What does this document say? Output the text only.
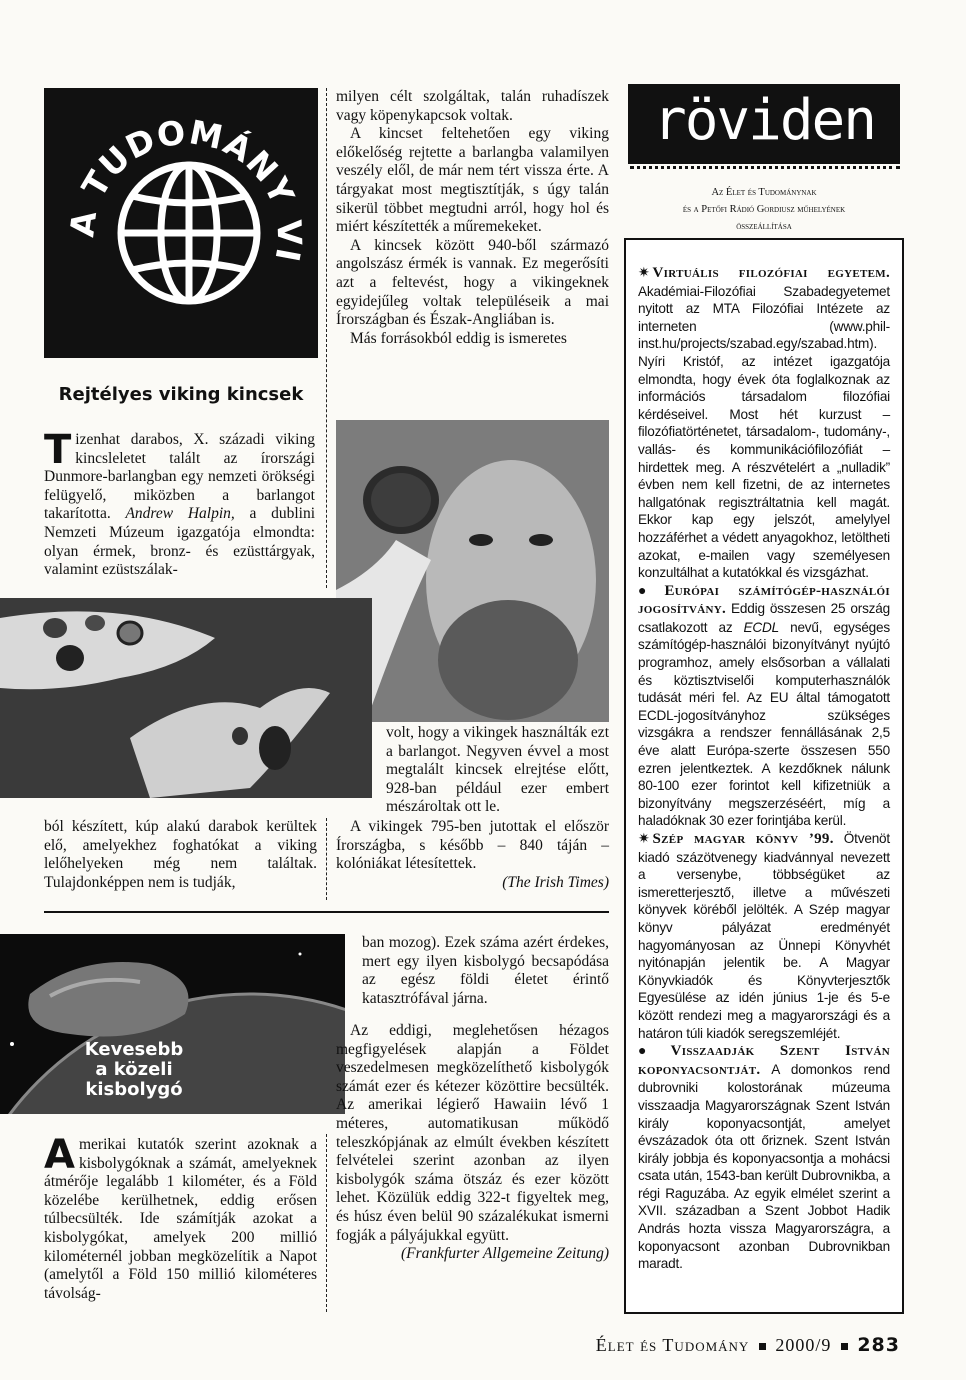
A TUDOMÁNY VI
Rejtélyes viking kincsek

Tizenhat darabos, X. századi viking kincsleletet talált az írországi Dunmore-barlangban egy nemzeti örökségi felügyelő, miközben a barlangot takarította. Andrew Halpin, a dublini Nemzeti Múzeum igazgatója elmondta: olyan érmek, bronz- és ezüsttárgyak, valamint ezüstszálak-

milyen célt szolgáltak, talán ruhadíszek vagy köpenykapcsok voltak.

A kincset feltehetően egy viking előkelőség rejtette a barlangba valamilyen veszély elől, de már nem tért vissza érte. A tárgyakat most megtisztítják, s úgy talán sikerül többet megtudni arról, hogy hol és miért készítették a műremekeket.

A kincsek között 940-ből származó angolszász érmék is vannak. Ez megerősíti azt a feltevést, hogy a vikingeknek egyidejűleg voltak településeik a mai Írországban és Észak-Angliában is.

Más forrásokból eddig is ismeretes

volt, hogy a vikingek használták ezt a barlangot. Negyven évvel a most megtalált kincsek elrejtése előtt, 928-ban például ezer embert mészároltak ott le.

A vikingek 795-ben jutottak el először Írországba, s később – 840 táján – kolóniákat létesítettek.

(The Irish Times)

ból készített, kúp alakú darabok kerültek elő, amelyekhez foghatókat a viking lelőhelyeken még nem találtak. Tulajdonképpen nem is tudják,

Kevesebb
a közeli
kisbolygó

Amerikai kutatók szerint azoknak a kisbolygóknak a számát, amelyeknek átmérője legalább 1 kilométer, és a Föld közelébe kerülhetnek, eddig erősen túlbecsülték. Ide számítják azokat a kisbolygókat, amelyek 200 millió kilométernél jobban megközelítik a Napot (amelytől a Föld 150 millió kilométeres távolság-

ban mozog). Ezek száma azért érdekes, mert egy ilyen kisbolygó becsapódása az egész földi életet érintő katasztrófával járna.

Az eddigi, meglehetősen hézagos megfigyelések alapján a Földet veszedelmesen megközelíthető kisbolygók számát ezer és kétezer közöttire becsülték. Az amerikai légierő Hawaiin lévő 1 méteres, automatikusan működő teleszkópjának az elmúlt években készített felvételei szerint azonban az ilyen kisbolygók száma ötszáz és ezer között lehet. Közülük eddig 322-t figyeltek meg, és húsz éven belül 90 százalékukat ismerni fogják a pályájukkal együtt.

(Frankfurter Allgemeine Zeitung)

röviden
Az Élet és Tudománynak
és a Petőfi Rádió Gordiusz műhelyének
összeállítása

✷ Virtuális filozófiai egyetem. Akadémiai-Filozófiai Szabadegyetemet nyitott az MTA Filozófiai Intézete az interneten (www.phil-inst.hu/projects/szabad.egy/szabad.htm). Nyíri Kristóf, az intézet igazgatója elmondta, hogy évek óta foglalkoznak az információs társadalom filozófiai kérdéseivel. Most hét kurzust – filozófiatörténetet, társadalom-, tudomány-, vallás- és kommunikációfilozófiát – hirdettek meg. A részvételért a „nulladik” évben nem kell fizetni, de az internetes hallgatónak regisztráltatnia kell magát. Ekkor kap egy jelszót, amelylyel hozzáférhet a védett anyagokhoz, letöltheti azokat, e-mailen vagy személyesen konzultálhat a kutatókkal és vizsgázhat.

● Európai számítógép-használói jogosítvány. Eddig összesen 25 ország csatlakozott az ECDL nevű, egységes számítógép-használói bizonyítványt nyújtó programhoz, amely elsősorban a vállalati és köztisztviselői komputerhasználók tudását méri fel. Az EU által támogatott ECDL-jogosítványhoz szükséges vizsgákra a rendszer fennállásának 2,5 éve alatt Európa-szerte összesen 550 ezren jelentkeztek. A kezdőknek nálunk 80-100 ezer forintot kell kifizetniük a bizonyítvány megszerzéséért, míg a haladóknak 30 ezer forintjába kerül.

✷ Szép magyar könyv ’99. Ötvenöt kiadó százötvenegy kiadvánnyal nevezett a versenybe, többségüket az ismeretterjesztő, illetve a művészeti könyvek köréből jelölték. A Szép magyar könyv pályázat eredményét hagyományosan az Ünnepi Könyvhét nyitónapján jelentik be. A Magyar Könyvkiadók és Könyvterjesztők Egyesülése az idén június 1-je és 5-e között rendezi meg a magyarországi és a határon túli kiadók seregszemléjét.

● Visszaadják Szent István koponyacsontját. A domonkos rend dubrovniki kolostorának múzeuma visszaadja Magyarországnak Szent István király koponyacsontját, amelyet évszázadok óta ott őriznek. Szent István király jobbja és koponyacsontja a mohácsi csata után, 1543-ban került Dubrovnikba, a régi Raguzába. Az egyik elmélet szerint a XVII. században a Szent Jobbot Hadik András hozta vissza Magyarországra, a koponyacsont azonban Dubrovnikban maradt.

Élet és Tudomány 2000/9 283
